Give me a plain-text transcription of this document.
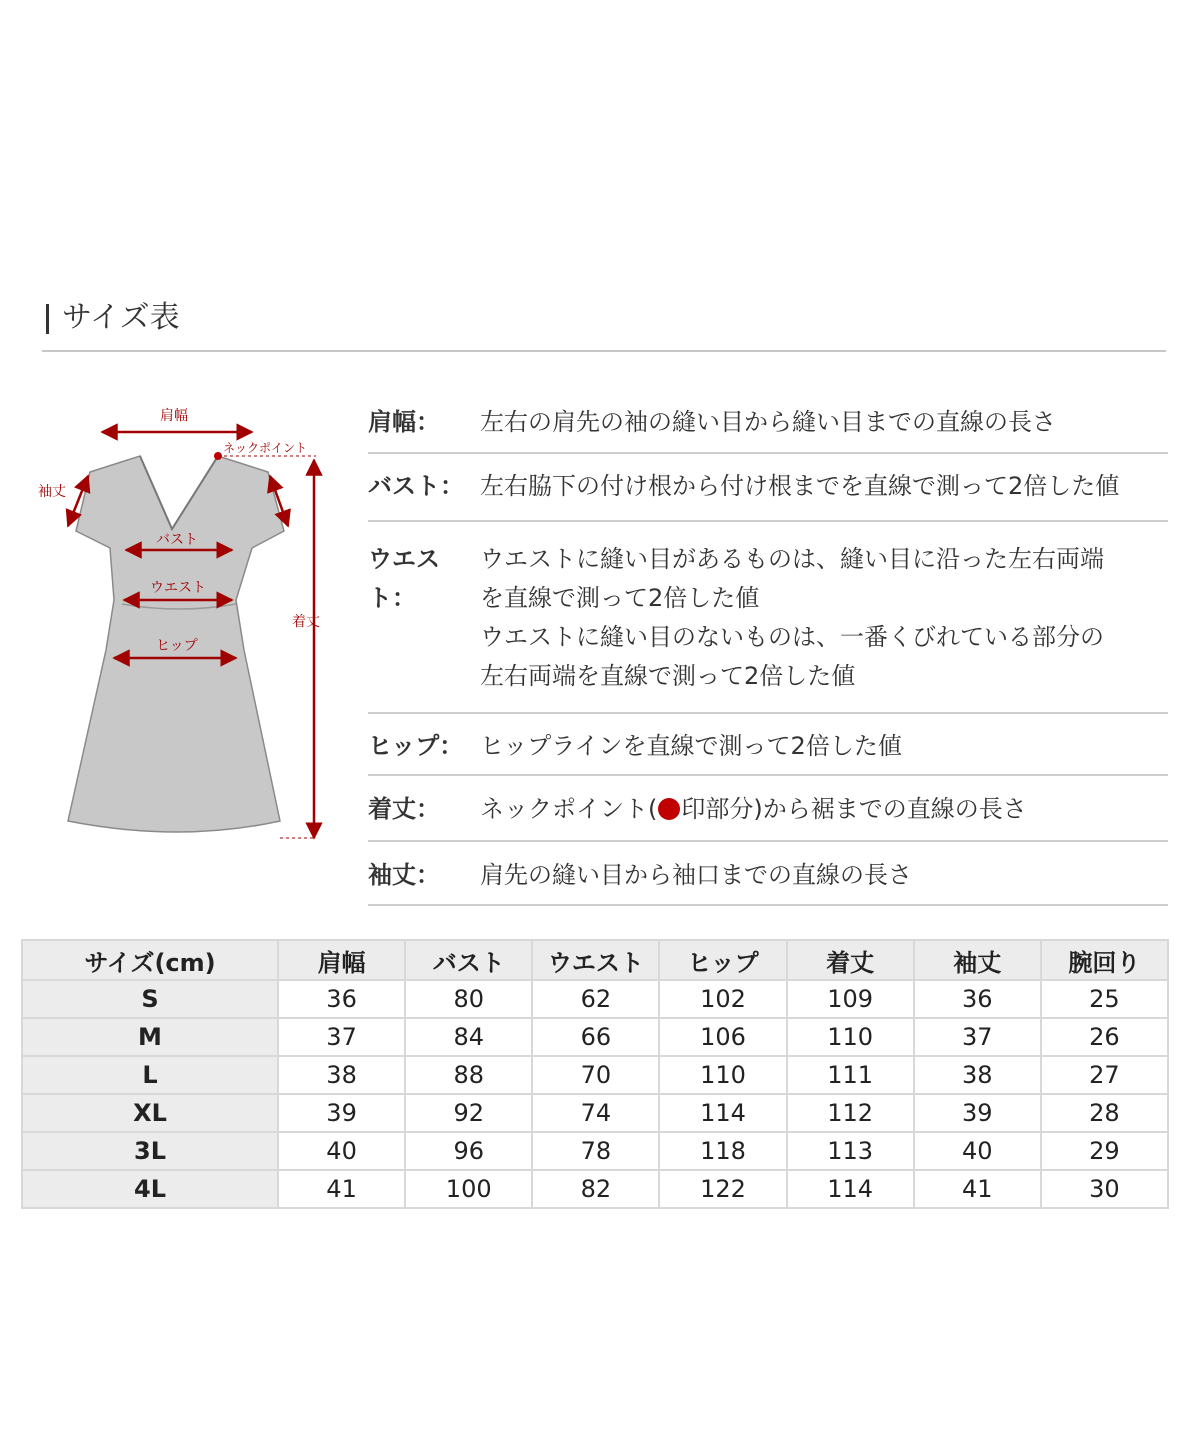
サイズ表
肩幅
ネックポイント
袖丈
バスト
ウエスト
ヒップ
着丈
肩幅：	左右の肩先の袖の縫い目から縫い目までの直線の長さ
バスト： 左右脇下の付け根から付け根までを直線で測って2倍した値
ウエスト：
ウエストに縫い目があるものは、縫い目に沿った左右両端
を直線で測って2倍した値
ウエストに縫い目のないものは、一番くびれている部分の
左右両端を直線で測って2倍した値
ヒップ： ヒップラインを直線で測って2倍した値
着丈：	ネックポイント( 印部分)から裾までの直線の長さ
袖丈：	肩先の縫い目から袖口までの直線の長さ
サイズ(cm)	肩幅	バスト	ウエスト	ヒップ	着丈	袖丈	腕回り
S	36	80	62	102	109	36	25
M	37	84	66	106	110	37	26
L	38	88	70	110	111	38	27
XL	39	92	74	114	112	39	28
3L	40	96	78	118	113	40	29
4L	41	100	82	122	114	41	30
